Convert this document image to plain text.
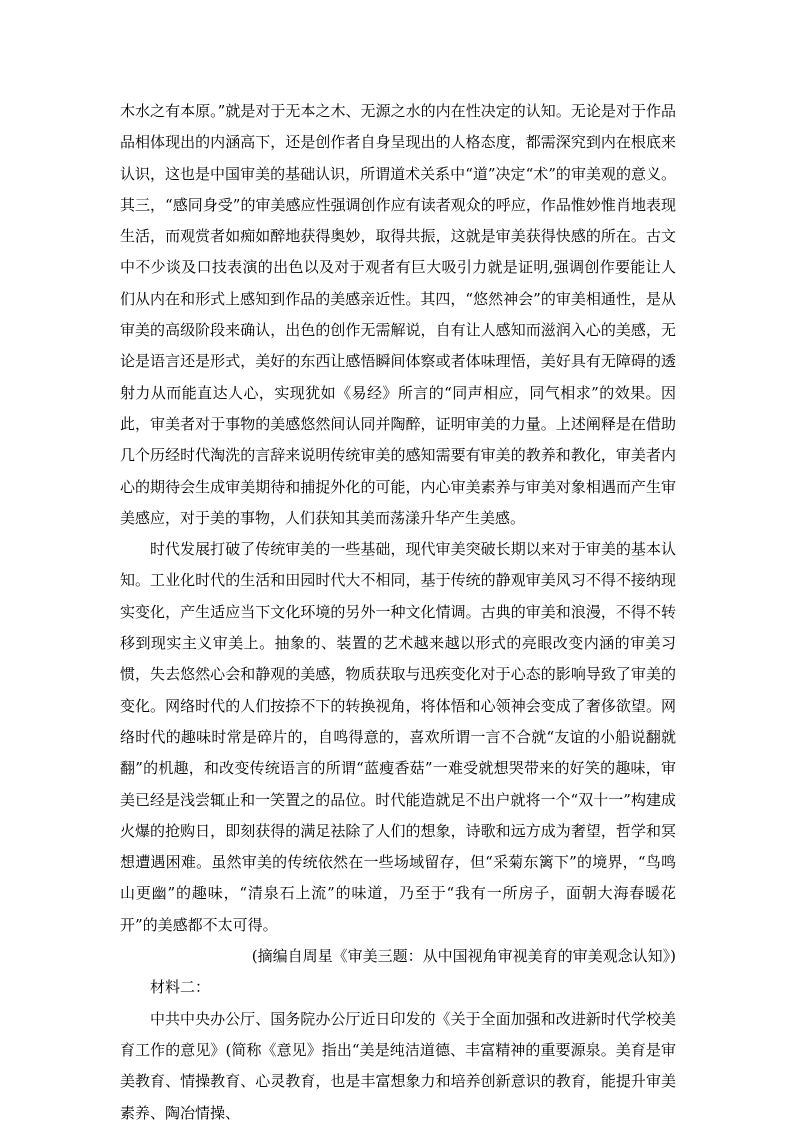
木水之有本原。”就是对于无本之木、无源之水的内在性决定的认知。无论是对于作品品相体现出的内涵高下，还是创作者自身呈现出的人格态度，都需深究到内在根底来认识，这也是中国审美的基础认识，所谓道术关系中“道”决定“术”的审美观的意义。其三，“感同身受”的审美感应性强调创作应有读者观众的呼应，作品惟妙惟肖地表现生活，而观赏者如痴如醉地获得奥妙，取得共振，这就是审美获得快感的所在。古文中不少谈及口技表演的出色以及对于观者有巨大吸引力就是证明,强调创作要能让人们从内在和形式上感知到作品的美感亲近性。其四，“悠然神会”的审美相通性，是从审美的高级阶段来确认，出色的创作无需解说，自有让人感知而滋润入心的美感，无论是语言还是形式，美好的东西让感悟瞬间体察或者体味理悟，美好具有无障碍的透射力从而能直达人心，实现犹如《易经》所言的“同声相应，同气相求”的效果。因此，审美者对于事物的美感悠然间认同并陶醉，证明审美的力量。上述阐释是在借助几个历经时代淘洗的言辞来说明传统审美的感知需要有审美的教养和教化，审美者内心的期待会生成审美期待和捕捉外化的可能，内心审美素养与审美对象相遇而产生审美感应，对于美的事物，人们获知其美而荡漾升华产生美感。

时代发展打破了传统审美的一些基础，现代审美突破长期以来对于审美的基本认知。工业化时代的生活和田园时代大不相同，基于传统的静观审美风习不得不接纳现实变化，产生适应当下文化环境的另外一种文化情调。古典的审美和浪漫，不得不转移到现实主义审美上。抽象的、装置的艺术越来越以形式的亮眼改变内涵的审美习惯，失去悠然心会和静观的美感，物质获取与迅疾变化对于心态的影响导致了审美的变化。网络时代的人们按捺不下的转换视角，将体悟和心领神会变成了奢侈欲望。网络时代的趣味时常是碎片的，自鸣得意的，喜欢所谓一言不合就“友谊的小船说翻就翻”的机趣，和改变传统语言的所谓“蓝瘦香菇”一难受就想哭带来的好笑的趣味，审美已经是浅尝辄止和一笑置之的品位。时代能造就足不出户就将一个“双十一”构建成火爆的抢购日，即刻获得的满足祛除了人们的想象，诗歌和远方成为奢望，哲学和冥想遭遇困难。虽然审美的传统依然在一些场域留存，但“采菊东篱下”的境界，“鸟鸣山更幽”的趣味，“清泉石上流”的味道，乃至于“我有一所房子，面朝大海春暖花开”的美感都不太可得。

(摘编自周星《审美三题：从中国视角审视美育的审美观念认知》)

材料二：

中共中央办公厅、国务院办公厅近日印发的《关于全面加强和改进新时代学校美育工作的意见》(简称《意见》指出“美是纯洁道德、丰富精神的重要源泉。美育是审美教育、情操教育、心灵教育，也是丰富想象力和培养创新意识的教育，能提升审美素养、陶冶情操、
